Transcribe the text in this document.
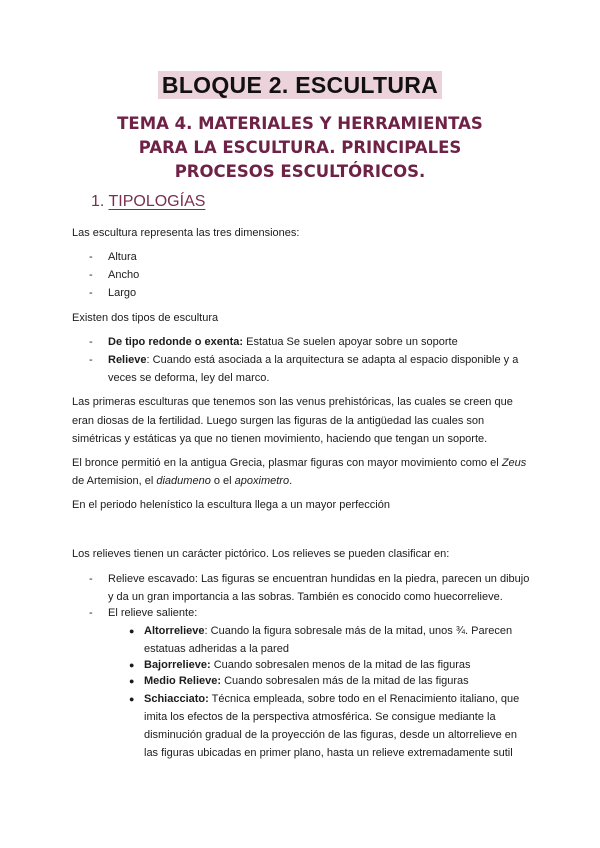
BLOQUE 2. ESCULTURA
TEMA 4. MATERIALES Y HERRAMIENTAS
PARA LA ESCULTURA. PRINCIPALES
PROCESOS ESCULTÓRICOS.
1. TIPOLOGÍAS
Las escultura representa las tres dimensiones:
- Altura
- Ancho
- Largo
Existen dos tipos de escultura
- De tipo redonde o exenta: Estatua Se suelen apoyar sobre un soporte
- Relieve: Cuando está asociada a la arquitectura se adapta al espacio disponible y a
veces se deforma, ley del marco.
Las primeras esculturas que tenemos son las venus prehistóricas, las cuales se creen que
eran diosas de la fertilidad. Luego surgen las figuras de la antigüedad las cuales son
simétricas y estáticas ya que no tienen movimiento, haciendo que tengan un soporte.
El bronce permitió en la antigua Grecia, plasmar figuras con mayor movimiento como el Zeus
de Artemision, el diadumeno o el apoximetro.
En el periodo helenístico la escultura llega a un mayor perfección
Los relieves tienen un carácter pictórico. Los relieves se pueden clasificar en:
- Relieve escavado: Las figuras se encuentran hundidas en la piedra, parecen un dibujo
y da un gran importancia a las sobras. También es conocido como huecorrelieve.
- El relieve saliente:
● Altorrelieve: Cuando la figura sobresale más de la mitad, unos ¾. Parecen
estatuas adheridas a la pared
● Bajorrelieve: Cuando sobresalen menos de la mitad de las figuras
● Medio Relieve: Cuando sobresalen más de la mitad de las figuras
● Schiacciato: Técnica empleada, sobre todo en el Renacimiento italiano, que
imita los efectos de la perspectiva atmosférica. Se consigue mediante la
disminución gradual de la proyección de las figuras, desde un altorrelieve en
las figuras ubicadas en primer plano, hasta un relieve extremadamente sutil
